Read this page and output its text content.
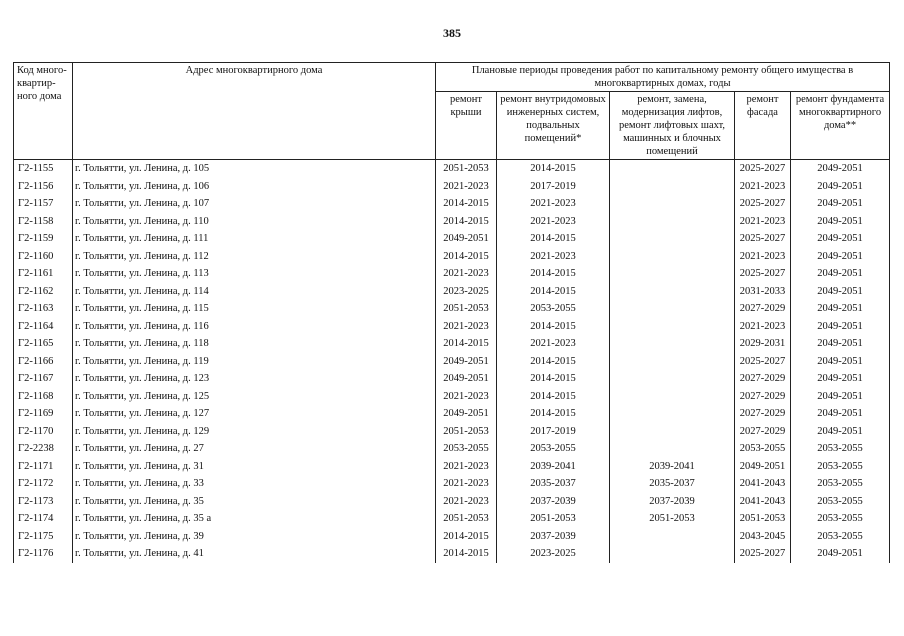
385
Код много-квартир-ного дома	Адрес многоквартирного дома	Плановые периоды проведения работ по капитальному ремонту общего имущества в многоквартирных домах, годы				
		ремонт крыши	ремонт внутридомовых инженерных систем, подвальных помещений*	ремонт, замена, модернизация лифтов, ремонт лифтовых шахт, машинных и блочных помещений	ремонт фасада	ремонт фундамента многоквартирного дома**
Г2-1155	г. Тольятти, ул. Ленина, д. 105	2051-2053	2014-2015		2025-2027	2049-2051
Г2-1156	г. Тольятти, ул. Ленина, д. 106	2021-2023	2017-2019		2021-2023	2049-2051
Г2-1157	г. Тольятти, ул. Ленина, д. 107	2014-2015	2021-2023		2025-2027	2049-2051
Г2-1158	г. Тольятти, ул. Ленина, д. 110	2014-2015	2021-2023		2021-2023	2049-2051
Г2-1159	г. Тольятти, ул. Ленина, д. 111	2049-2051	2014-2015		2025-2027	2049-2051
Г2-1160	г. Тольятти, ул. Ленина, д. 112	2014-2015	2021-2023		2021-2023	2049-2051
Г2-1161	г. Тольятти, ул. Ленина, д. 113	2021-2023	2014-2015		2025-2027	2049-2051
Г2-1162	г. Тольятти, ул. Ленина, д. 114	2023-2025	2014-2015		2031-2033	2049-2051
Г2-1163	г. Тольятти, ул. Ленина, д. 115	2051-2053	2053-2055		2027-2029	2049-2051
Г2-1164	г. Тольятти, ул. Ленина, д. 116	2021-2023	2014-2015		2021-2023	2049-2051
Г2-1165	г. Тольятти, ул. Ленина, д. 118	2014-2015	2021-2023		2029-2031	2049-2051
Г2-1166	г. Тольятти, ул. Ленина, д. 119	2049-2051	2014-2015		2025-2027	2049-2051
Г2-1167	г. Тольятти, ул. Ленина, д. 123	2049-2051	2014-2015		2027-2029	2049-2051
Г2-1168	г. Тольятти, ул. Ленина, д. 125	2021-2023	2014-2015		2027-2029	2049-2051
Г2-1169	г. Тольятти, ул. Ленина, д. 127	2049-2051	2014-2015		2027-2029	2049-2051
Г2-1170	г. Тольятти, ул. Ленина, д. 129	2051-2053	2017-2019		2027-2029	2049-2051
Г2-2238	г. Тольятти, ул. Ленина, д. 27	2053-2055	2053-2055		2053-2055	2053-2055
Г2-1171	г. Тольятти, ул. Ленина, д. 31	2021-2023	2039-2041	2039-2041	2049-2051	2053-2055
Г2-1172	г. Тольятти, ул. Ленина, д. 33	2021-2023	2035-2037	2035-2037	2041-2043	2053-2055
Г2-1173	г. Тольятти, ул. Ленина, д. 35	2021-2023	2037-2039	2037-2039	2041-2043	2053-2055
Г2-1174	г. Тольятти, ул. Ленина, д. 35 а	2051-2053	2051-2053	2051-2053	2051-2053	2053-2055
Г2-1175	г. Тольятти, ул. Ленина, д. 39	2014-2015	2037-2039		2043-2045	2053-2055
Г2-1176	г. Тольятти, ул. Ленина, д. 41	2014-2015	2023-2025		2025-2027	2049-2051
